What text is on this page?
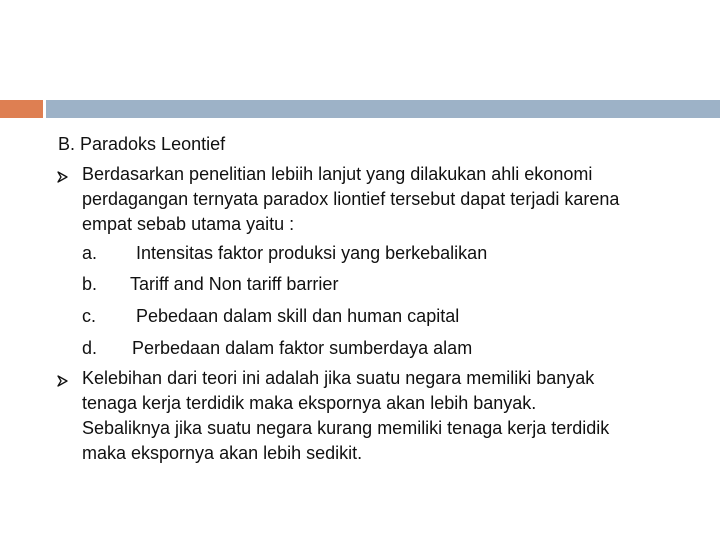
B. Paradoks Leontief
Berdasarkan penelitian lebiih lanjut yang dilakukan ahli ekonomi
perdagangan ternyata paradox liontief tersebut dapat terjadi karena
empat sebab utama yaitu :
a. Intensitas faktor produksi yang berkebalikan
b. Tariff and Non tariff barrier
c. Pebedaan dalam skill dan human capital
d. Perbedaan dalam faktor sumberdaya alam
Kelebihan dari teori ini adalah jika suatu negara memiliki banyak
tenaga kerja terdidik maka ekspornya akan lebih banyak.
Sebaliknya jika suatu negara kurang memiliki tenaga kerja terdidik
maka ekspornya akan lebih sedikit.
